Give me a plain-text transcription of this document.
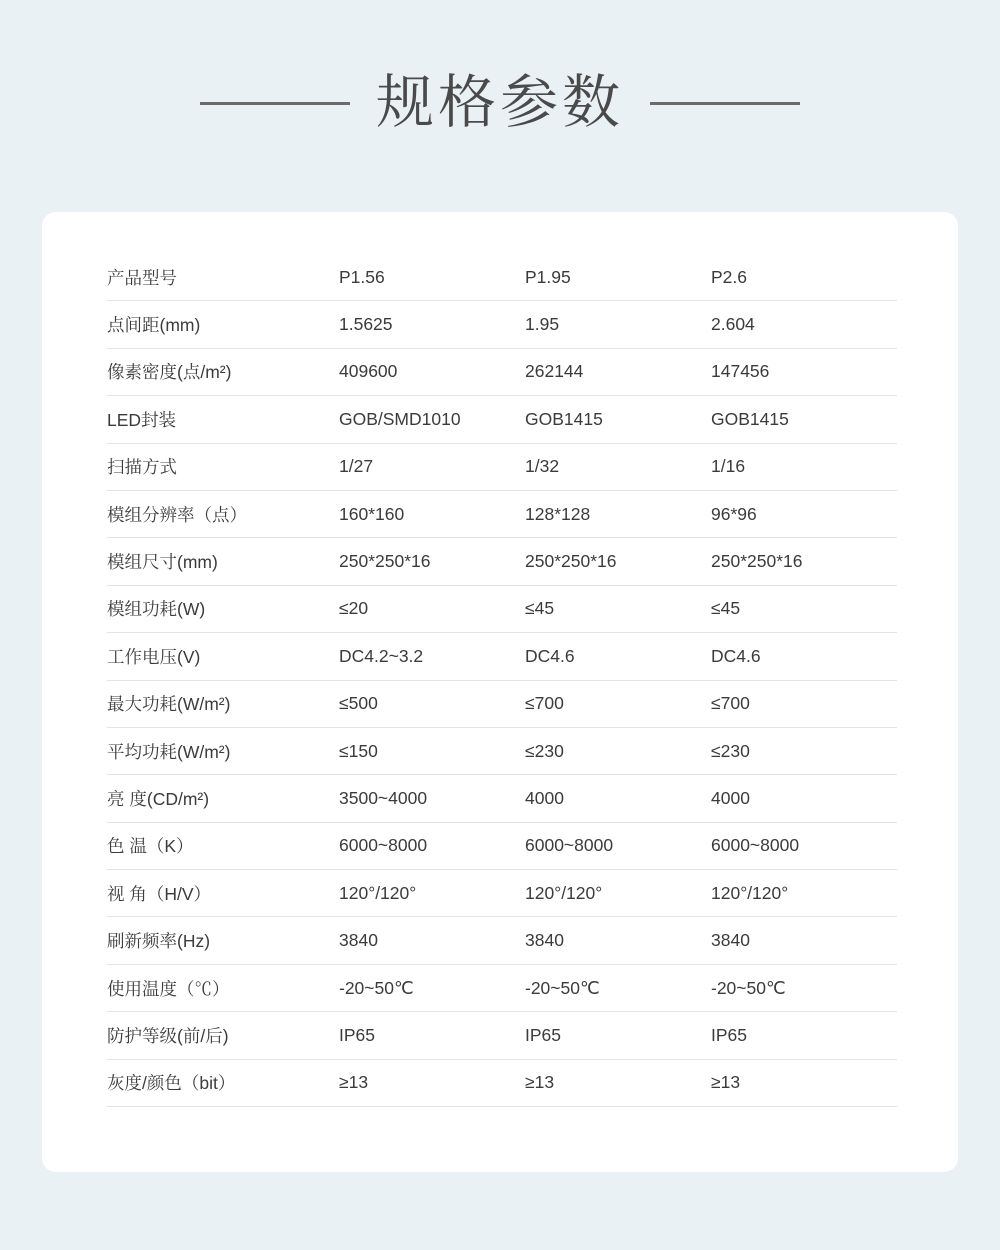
规格参数
产品型号	P1.56	P1.95	P2.6
点间距(mm)	1.5625	1.95	2.604
像素密度(点/m²)	409600	262144	147456
LED封装	GOB/SMD1010	GOB1415	GOB1415
扫描方式	1/27	1/32	1/16
模组分辨率（点）	160*160	128*128	96*96
模组尺寸(mm)	250*250*16	250*250*16	250*250*16
模组功耗(W)	≤20	≤45	≤45
工作电压(V)	DC4.2~3.2	DC4.6	DC4.6
最大功耗(W/m²)	≤500	≤700	≤700
平均功耗(W/m²)	≤150	≤230	≤230
亮 度(CD/m²)	3500~4000	4000	4000
色 温（K）	6000~8000	6000~8000	6000~8000
视 角（H/V）	120°/120°	120°/120°	120°/120°
刷新频率(Hz)	3840	3840	3840
使用温度（℃）	-20~50℃	-20~50℃	-20~50℃
防护等级(前/后)	IP65	IP65	IP65
灰度/颜色（bit）	≥13	≥13	≥13
